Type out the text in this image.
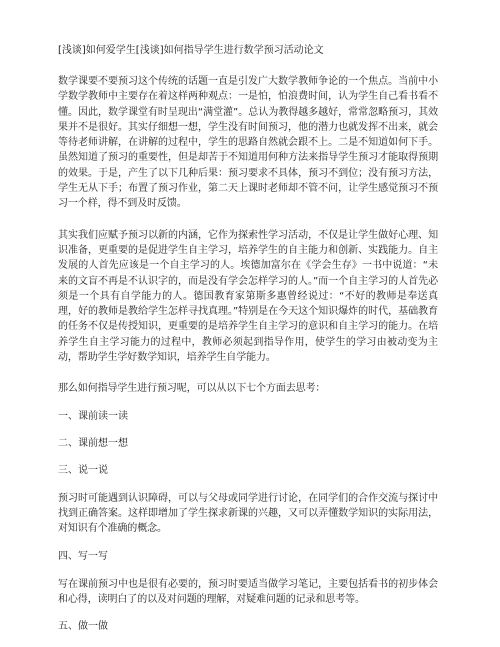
[浅谈]如何爱学生[浅谈]如何指导学生进行数学预习活动论文

数学课要不要预习这个传统的话题一直是引发广大数学教师争论的一个焦点。当前中小学数学教师中主要存在着这样两种观点：一是怕，怕浪费时间，认为学生自己看书看不懂。因此，数学课堂有时呈现出“满堂灌”。总认为教得越多越好，常常忽略预习，其效果并不是很好。其实仔细想一想，学生没有时间预习，他的潜力也就发挥不出来，就会等待老师讲解，在讲解的过程中，学生的思路自然就会跟不上。二是不知道如何下手。虽然知道了预习的重要性，但是却苦于不知道用何种方法来指导学生预习才能取得预期的效果。于是，产生了以下几种后果：预习要求不具体，预习不到位；没有预习方法，学生无从下手；布置了预习作业，第二天上课时老师却不管不问，让学生感觉预习不预习一个样，得不到及时反馈。

其实我们应赋予预习以新的内涵，它作为探索性学习活动，不仅是让学生做好心理、知识准备，更重要的是促进学生自主学习，培养学生的自主能力和创新、实践能力。自主发展的人首先应该是一个自主学习的人。埃德加富尔在《学会生存》一书中说道：“未来的文盲不再是不认识字的，而是没有学会怎样学习的人。”而一个自主学习的人首先必须是一个具有自学能力的人。德国教育家第斯多惠曾经说过：“不好的教师是奉送真理，好的教师是教给学生怎样寻找真理。”特别是在今天这个知识爆炸的时代，基础教育的任务不仅是传授知识，更重要的是培养学生自主学习的意识和自主学习的能力。在培养学生自主学习能力的过程中，教师必须起到指导作用，使学生的学习由被动变为主动，帮助学生学好数学知识，培养学生自学能力。

那么如何指导学生进行预习呢，可以从以下七个方面去思考：

一、课前读一读

二、课前想一想

三、说一说

预习时可能遇到认识障碍，可以与父母或同学进行讨论，在同学们的合作交流与探讨中找到正确答案。这样即增加了学生探求新课的兴趣，又可以弄懂数学知识的实际用法，对知识有个准确的概念。

四、写一写

写在课前预习中也是很有必要的，预习时要适当做学习笔记，主要包括看书的初步体会和心得，读明白了的以及对问题的理解，对疑难问题的记录和思考等。

五、做一做
